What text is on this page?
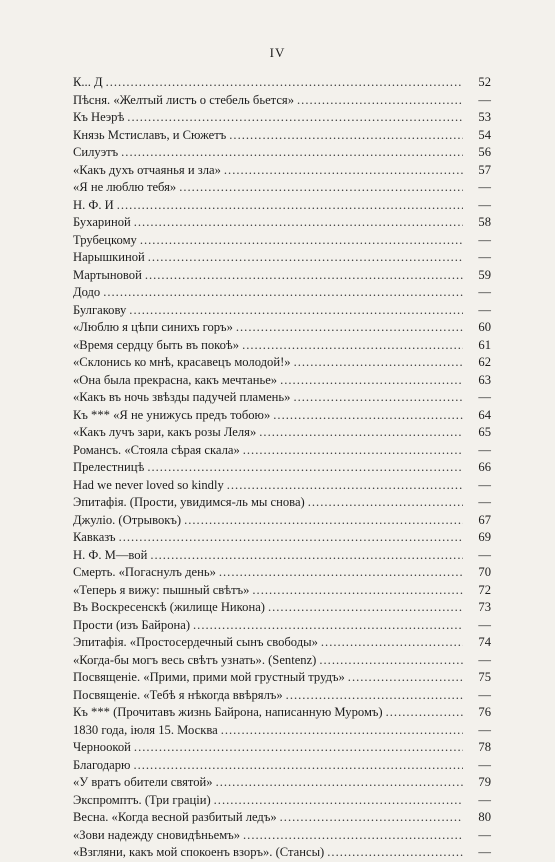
IV
К... Д .....	52
Пѣсня. «Желтый листъ о стебель бьется» .....	—
Къ Неэрѣ .....	53
Князь Мстиславъ, и Сюжетъ .....	54
Силуэтъ .....	56
«Какъ духъ отчаянья и зла» .....	57
«Я не люблю тебя» .....	—
Н. Ф. И .....	—
Бухариной .....	58
Трубецкому .....	—
Нарышкиной .....	—
Мартыновой .....	59
Додо .....	—
Булгакову .....	—
«Люблю я цѣпи синихъ горъ» .....	60
«Время сердцу быть въ покоѣ» .....	61
«Склонись ко мнѣ, красавецъ молодой!» .....	62
«Она была прекрасна, какъ мечтанье» .....	63
«Какъ въ ночь звѣзды падучей пламень» .....	—
Къ *** «Я не унижусь предъ тобою» .....	64
«Какъ лучъ зари, какъ розы Леля» .....	65
Романсъ. «Стояла сѣрая скала» .....	—
Прелестницѣ .....	66
Had we never loved so kindly .....	—
Эпитафія. (Прости, увидимся-ль мы снова) .....	—
Джуліо. (Отрывокъ) .....	67
Кавказъ .....	69
Н. Ф. М—вой .....	—
Смерть. «Погаснулъ день» .....	70
«Теперь я вижу: пышный свѣтъ» .....	72
Въ Воскресенскѣ (жилище Никона) .....	73
Прости (изъ Байрона) .....	—
Эпитафія. «Простосердечный сынъ свободы» .....	74
«Когда-бы могъ весь свѣтъ узнать». (Sentenz) .....	—
Посвященіе. «Прими, прими мой грустный трудъ» .....	75
Посвященіе. «Тебѣ я нѣкогда ввѣрялъ» .....	—
Къ *** (Прочитавъ жизнь Байрона, написанную Муромъ) .....	76
1830 года, іюля 15. Москва .....	—
Черноокой .....	78
Благодарю .....	—
«У вратъ обители святой» .....	79
Экспромптъ. (Три граціи) .....	—
Весна. «Когда весной разбитый ледъ» .....	80
«Зови надежду сновидѣньемъ» .....	—
«Взгляни, какъ мой спокоенъ взоръ». (Стансы) .....	—
